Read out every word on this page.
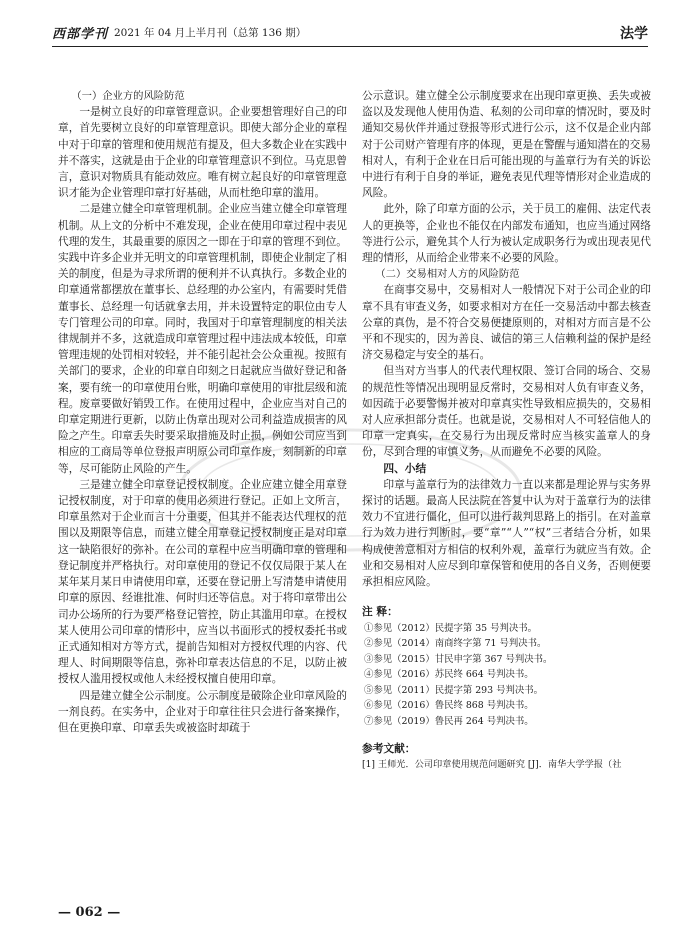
西部学刊 2021 年 04 月上半月刊（总第 136 期）	法学

（一）企业方的风险防范

一是树立良好的印章管理意识。企业要想管理好自己的印章，首先要树立良好的印章管理意识。即使大部分企业的章程中对于印章的管理和使用规范有提及，但大多数企业在实践中并不落实，这就是由于企业的印章管理意识不到位。马克思曾言，意识对物质具有能动效应。唯有树立起良好的印章管理意识才能为企业管理印章打好基础，从而杜绝印章的滥用。

二是建立健全印章管理机制。企业应当建立健全印章管理机制。从上文的分析中不难发现，企业在使用印章过程中表见代理的发生，其最重要的原因之一即在于印章的管理不到位。实践中许多企业并无明文的印章管理机制，即使企业制定了相关的制度，但是为寻求所谓的便利并不认真执行。多数企业的印章通常都摆放在董事长、总经理的办公室内，有需要时凭借董事长、总经理一句话就拿去用，并未设置特定的职位由专人专门管理公司的印章。同时，我国对于印章管理制度的相关法律规制并不多，这就造成印章管理过程中违法成本较低，印章管理违规的处罚相对较轻，并不能引起社会公众重视。按照有关部门的要求，企业的印章自印刻之日起就应当做好登记和备案，要有统一的印章使用台账，明确印章使用的审批层级和流程。废章要做好销毁工作。在使用过程中，企业应当对自己的印章定期进行更新，以防止伪章出现对公司利益造成损害的风险之产生。印章丢失时要采取措施及时止损，例如公司应当到相应的工商局等单位登报声明原公司印章作废，刻制新的印章等，尽可能防止风险的产生。

三是建立健全印章登记授权制度。企业应建立健全用章登记授权制度，对于印章的使用必须进行登记。正如上文所言，印章虽然对于企业而言十分重要，但其并不能表达代理权的范围以及期限等信息，而建立健全用章登记授权制度正是对印章这一缺陷很好的弥补。在公司的章程中应当明确印章的管理和登记制度并严格执行。对印章使用的登记不仅仅局限于某人在某年某月某日申请使用印章，还要在登记册上写清楚申请使用印章的原因、经谁批准、何时归还等信息。对于将印章带出公司办公场所的行为要严格登记管控，防止其滥用印章。在授权某人使用公司印章的情形中，应当以书面形式的授权委托书或正式通知相对方等方式，提前告知相对方授权代理的内容、代理人、时间期限等信息，弥补印章表达信息的不足，以防止被授权人滥用授权或他人未经授权擅自使用印章。

四是建立健全公示制度。公示制度是破除企业印章风险的一剂良药。在实务中，企业对于印章往往只会进行备案操作，但在更换印章、印章丢失或被盗时却疏于

公示意识。建立健全公示制度要求在出现印章更换、丢失或被盗以及发现他人使用伪造、私刻的公司印章的情况时，要及时通知交易伙伴并通过登报等形式进行公示，这不仅是企业内部对于公司财产管理有序的体现，更是在警醒与通知潜在的交易相对人，有利于企业在日后可能出现的与盖章行为有关的诉讼中进行有利于自身的举证，避免表见代理等情形对企业造成的风险。

此外，除了印章方面的公示，关于员工的雇佣、法定代表人的更换等，企业也不能仅在内部发布通知，也应当通过网络等进行公示，避免其个人行为被认定成职务行为或出现表见代理的情形，从而给企业带来不必要的风险。

（二）交易相对人方的风险防范

在商事交易中，交易相对人一般情况下对于公司企业的印章不具有审查义务，如要求相对方在任一交易活动中都去核查公章的真伪，是不符合交易便捷原则的，对相对方而言是不公平和不现实的，因为善良、诚信的第三人信赖利益的保护是经济交易稳定与安全的基石。

但当对方当事人的代表代理权限、签订合同的场合、交易的规范性等情况出现明显反常时，交易相对人负有审查义务，如因疏于必要警惕并被对印章真实性导致相应损失的，交易相对人应承担部分责任。也就是说，交易相对人不可轻信他人的印章一定真实，在交易行为出现反常时应当核实盖章人的身份，尽到合理的审慎义务，从而避免不必要的风险。

四、小结

印章与盖章行为的法律效力一直以来都是理论界与实务界探讨的话题。最高人民法院在答复中认为对于盖章行为的法律效力不宜进行僵化，但可以进行裁判思路上的指引。在对盖章行为效力进行判断时，要“章”“人”“权”三者结合分析，如果构成使善意相对方相信的权利外观，盖章行为就应当有效。企业和交易相对人应尽到印章保管和使用的各自义务，否则便要承担相应风险。

注 释：

①参见（2012）民提字第 35 号判决书。

②参见（2014）南商终字第 71 号判决书。

③参见（2015）甘民申字第 367 号判决书。

④参见（2016）苏民终 664 号判决书。

⑤参见（2011）民提字第 293 号判决书。

⑥参见（2016）鲁民终 868 号判决书。

⑦参见（2019）鲁民再 264 号判决书。

参考文献：

[1] 王师光．公司印章使用规范问题研究 [J]．南华大学学报（社

— 062 —
